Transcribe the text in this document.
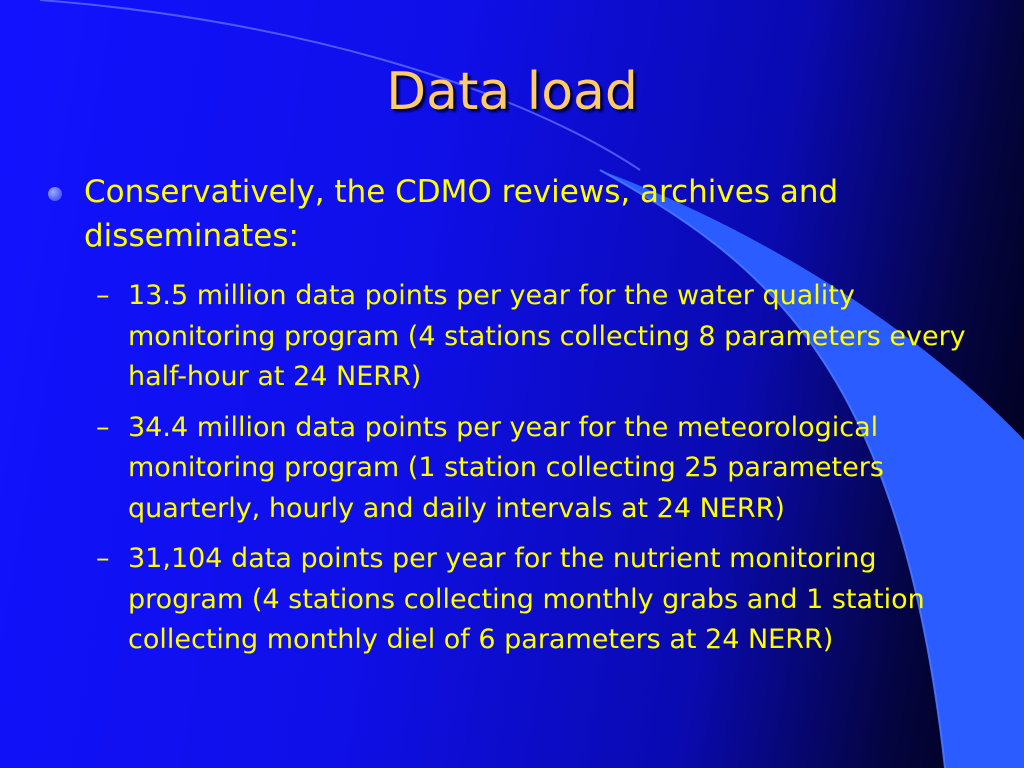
Data load
Conservatively, the CDMO reviews, archives and disseminates:
– 13.5 million data points per year for the water quality monitoring program (4 stations collecting 8 parameters every half-hour at 24 NERR)
– 34.4 million data points per year for the meteorological monitoring program (1 station collecting 25 parameters quarterly, hourly and daily intervals at 24 NERR)
– 31,104 data points per year for the nutrient monitoring program (4 stations collecting monthly grabs and 1 station collecting monthly diel of 6 parameters at 24 NERR)
